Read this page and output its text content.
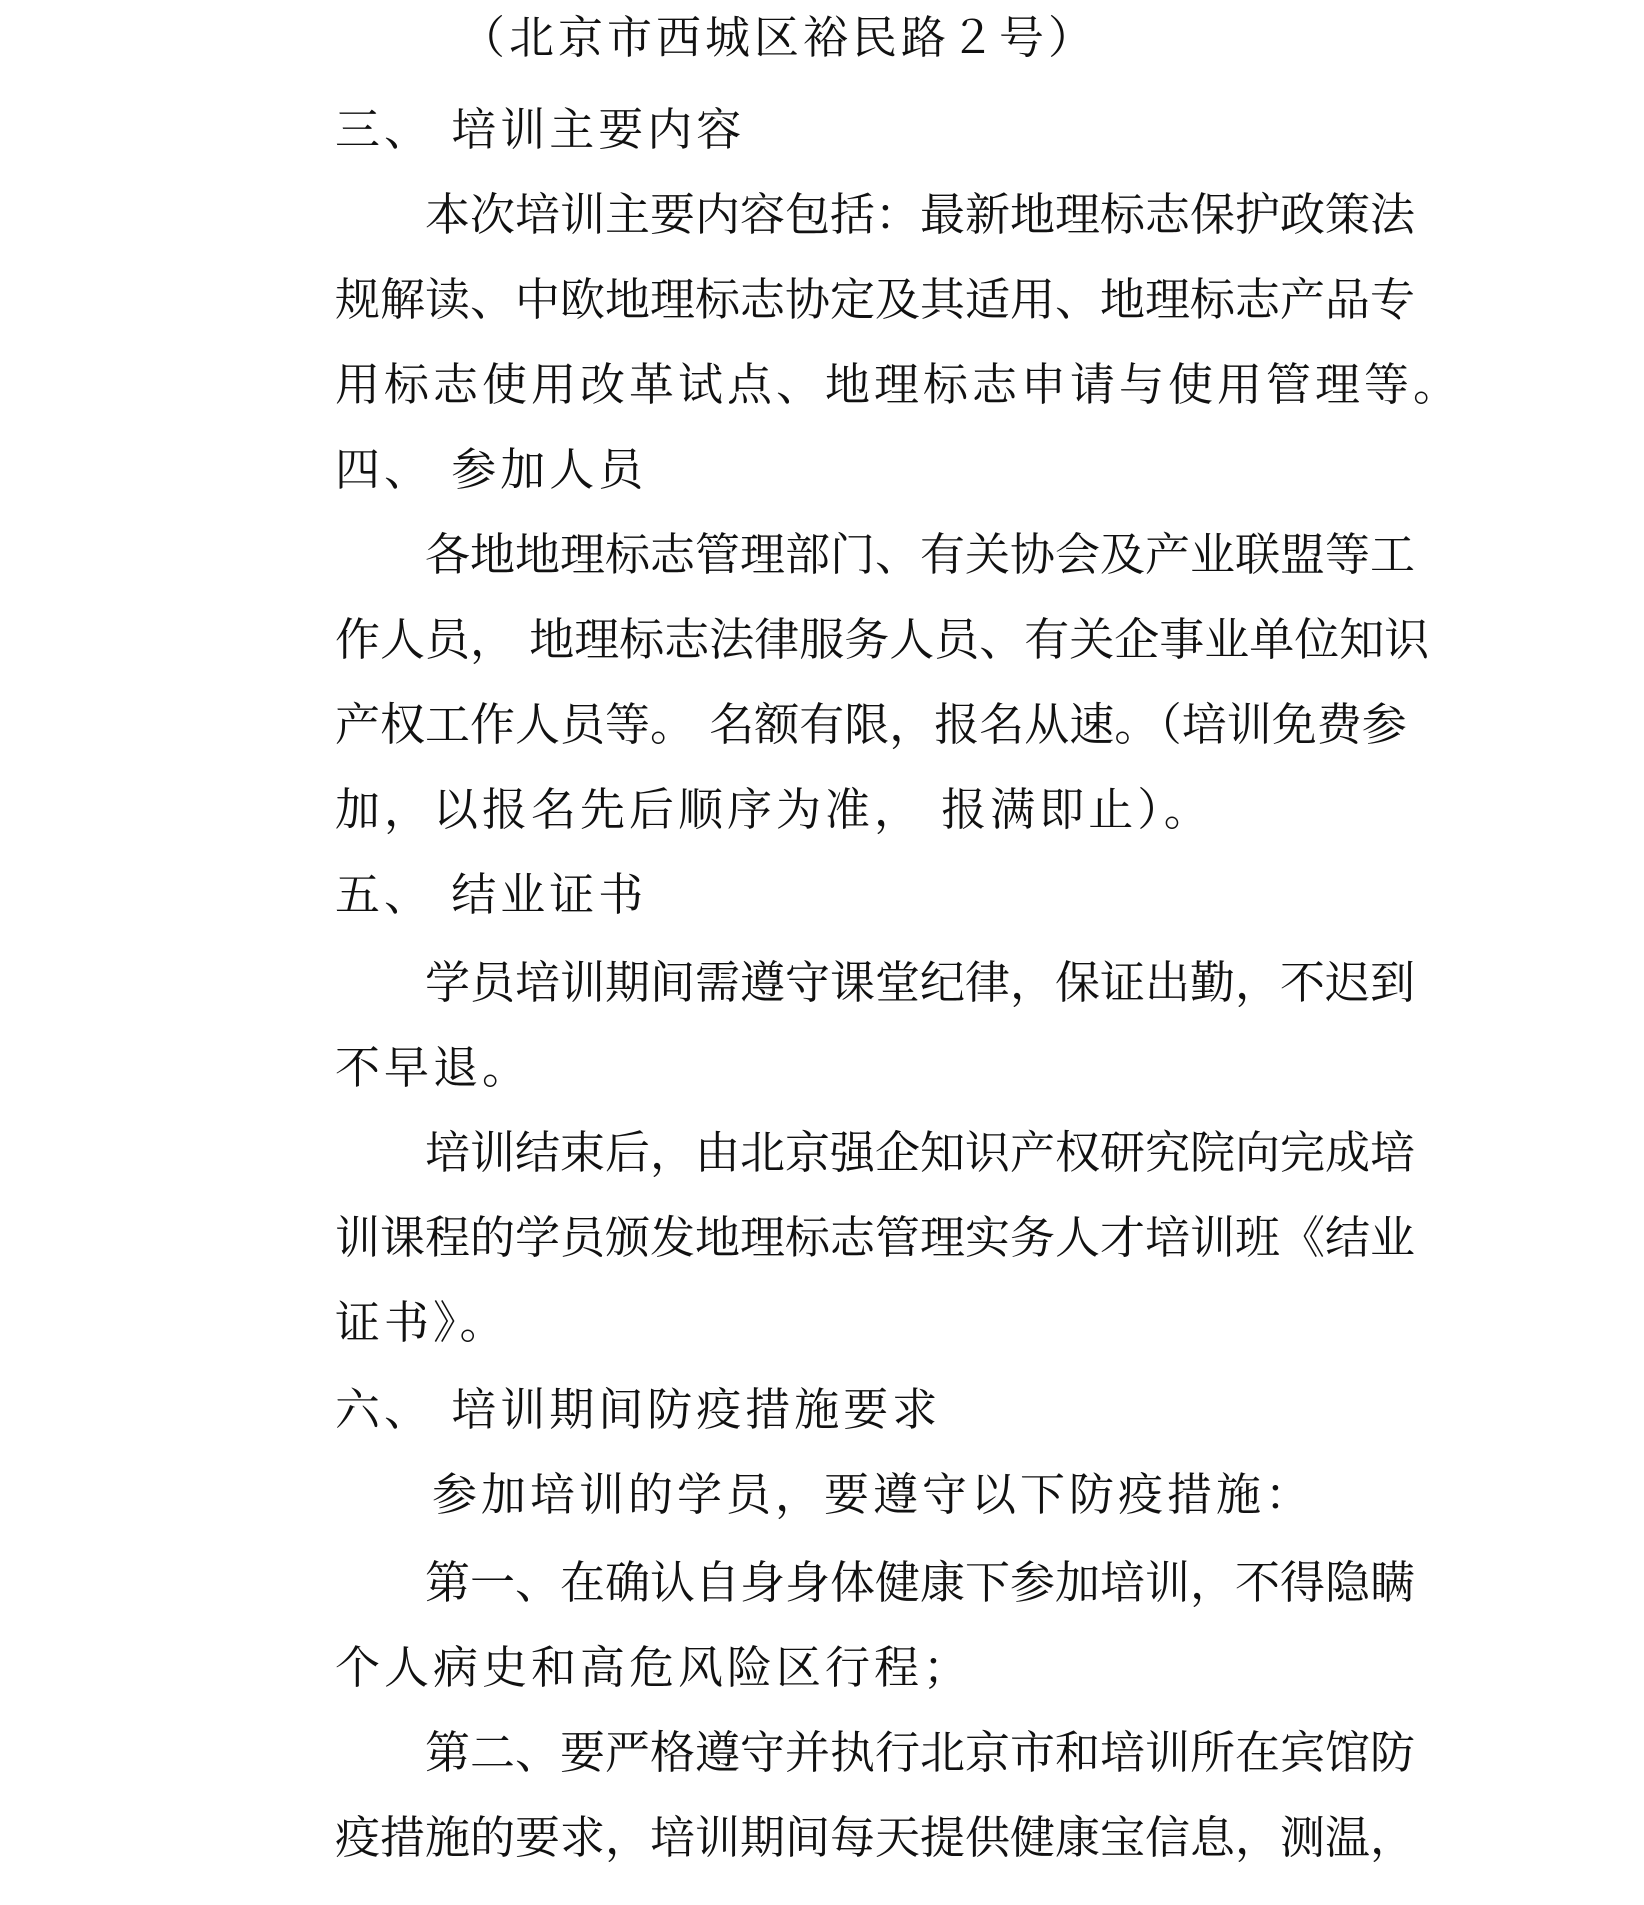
（北京市西城区裕民路２号）
三、 培训主要内容
本次培训主要内容包括：最新地理标志保护政策法
规解读、中欧地理标志协定及其适用、地理标志产品专
用标志使用改革试点、地理标志申请与使用管理等。
四、 参加人员
各地地理标志管理部门、有关协会及产业联盟等工
作人员， 地理标志法律服务人员、有关企事业单位知识
产权工作人员等。 名额有限，报名从速。（培训免费参
加，以报名先后顺序为准， 报满即止）。
五、 结业证书
学员培训期间需遵守课堂纪律，保证出勤，不迟到
不早退。
培训结束后，由北京强企知识产权研究院向完成培
训课程的学员颁发地理标志管理实务人才培训班《结业
证书》。
六、 培训期间防疫措施要求
参加培训的学员，要遵守以下防疫措施：
第一、在确认自身身体健康下参加培训，不得隐瞒
个人病史和高危风险区行程；
第二、要严格遵守并执行北京市和培训所在宾馆防
疫措施的要求，培训期间每天提供健康宝信息，测温，
